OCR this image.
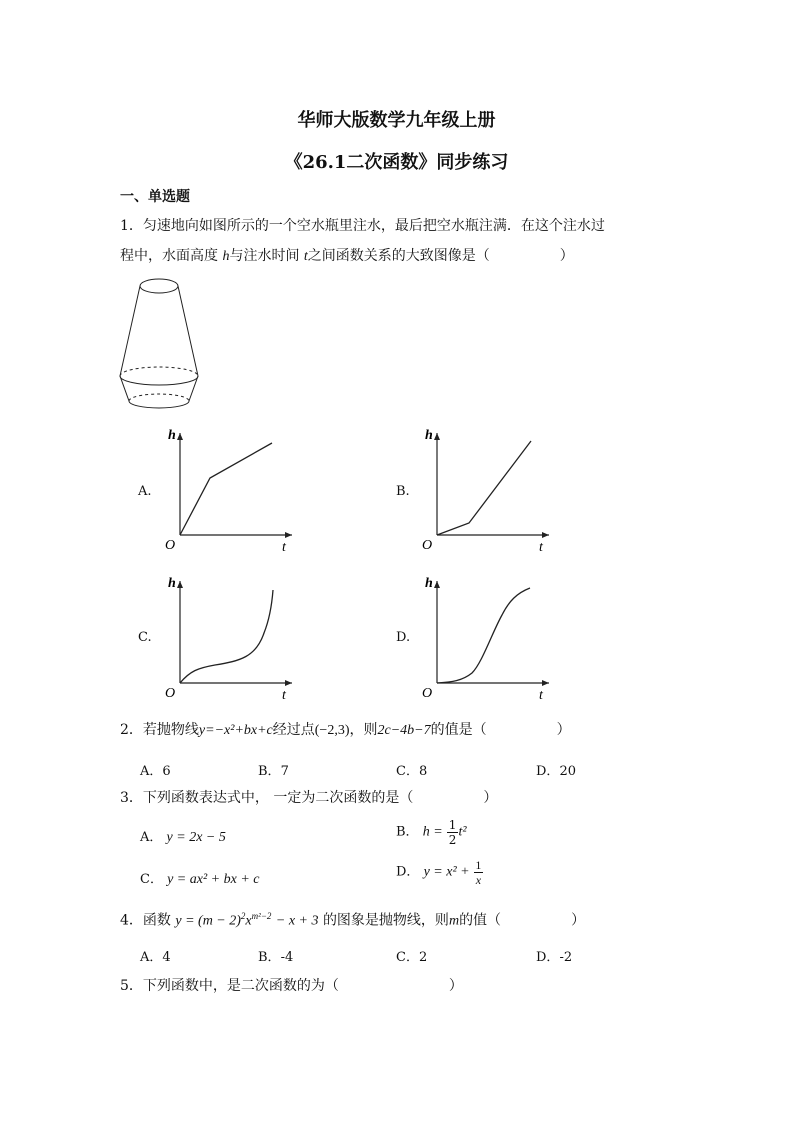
华师大版数学九年级上册
《26.1二次函数》同步练习
一、单选题
1．匀速地向如图所示的一个空水瓶里注水，最后把空水瓶注满．在这个注水过
程中，水面高度 h与注水时间 t之间函数关系的大致图像是（	）
A.	B.
C.	D.
h
t
O
h
t
O
h
t
O
h
t
O
2．若抛物线y=−x²+bx+c经过点(−2,3)，则2c−4b−7的值是（	）
A．6	B．7	C．8	D．20
3．下列函数表达式中， 一定为二次函数的是（	）
A． y = 2x − 5	B． $h = \frac{1}{2} t^2$
C． y = ax² + bx + c	D． $y = x^2 + \frac{1}{x}$
4．函数 $y = (m - 2)^2x^{m^2-2} - x + 3$ 的图象是抛物线，则m的值（	）
A．4	B．-4	C．2	D．-2
5．下列函数中，是二次函数的为（	）
